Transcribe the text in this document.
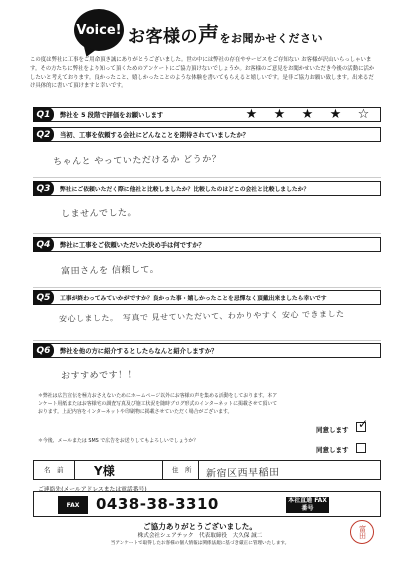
Voice! お客様の声をお聞かせください
この度は弊社に工事をご用命頂き誠にありがとうございました。世の中には弊社の存在やサービスをご存知ない お客様が沢山いらっしゃいます。その方たちに弊社をより知って頂くためのアンケートにご協力頂けないでしょうか。お客様のご意見をお聞かせいただき今後の活動に活かしたいと考えております。良かったこと、嬉しかったことのような体験を書いてもらえると嬉しいです。是非ご協力お願い致します。出来るだけ具体的に書いて頂けますと幸いです。
Q1	弊社を 5 段階で評価をお願いします	★ ★ ★ ★ ☆
Q2	当初、工事を依頼する会社にどんなことを期待されていましたか？
ちゃんと やっていただけるか どうか？
Q3	弊社にご依頼いただく際に他社と比較しましたか？比較したのはどこの会社と比較しましたか？
しませんでした。
Q4	弊社に工事をご依頼いただいた決め手は何ですか？
富田さんを 信頼して。
Q5	工事が終わってみていかがですか？良かった事・嬉しかったことを忌憚なく頂戴出来ましたら幸いです
安心しました。　写真で 見せていただいて、わかりやすく 安心 できました
Q6	弊社を他の方に紹介するとしたらなんと紹介しますか？
おすすめです！！
＊弊社は広告宣伝を極力おさえないためにホームページ以外にお客様の声を集める活動をしております。本アンケート用紙またはお客様宅の調査写真及び施工状況を随時ブログ形式のインターネットに掲載させて頂いております。上記内容をインターネットや印刷物に掲載させていただく場合がございます。
同意します ✓
＊今後、メールまたは SMS で広告をお送りしてもよろしいでしょうか？
同意します
名　前	Y様	住　所 新宿区西早稲田
ご連絡先(メールアドレスまたは電話番号)
FAX	0438-38-3310	本社直通 FAX番号
ご協力ありがとうございました。
株式会社シェアテック　代表取締役　大久保 誠二
当アンケートで取得したお客様の個人情報は関係法規に基づき厳正に管理いたします。
富田
